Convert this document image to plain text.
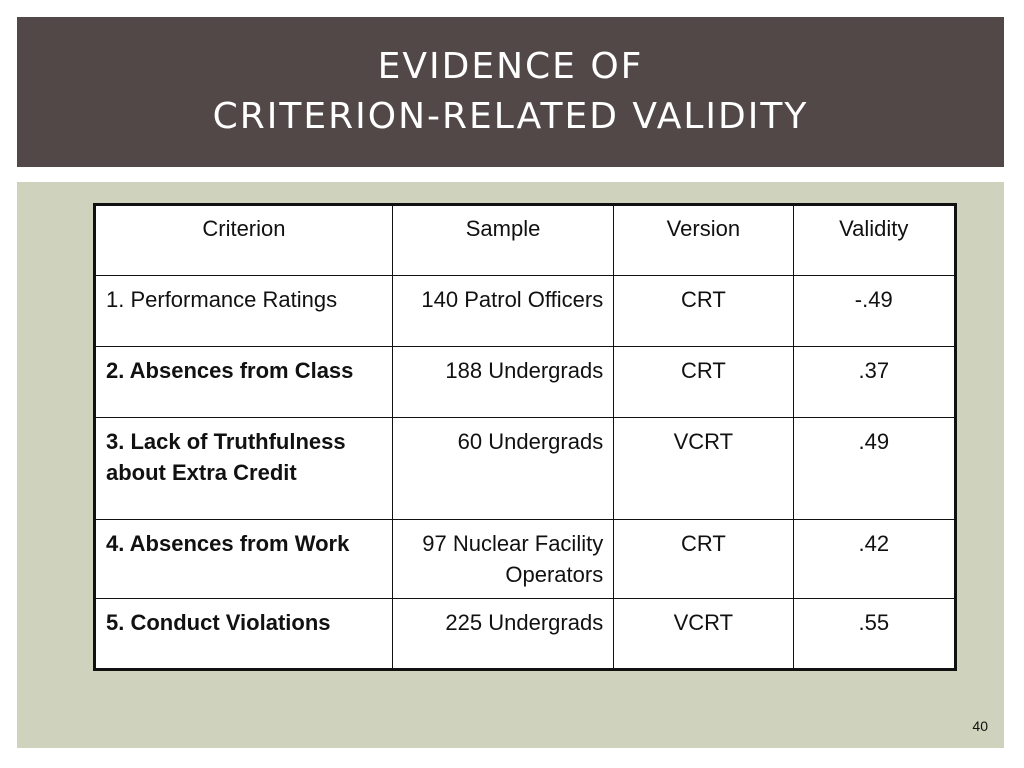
EVIDENCE OF
CRITERION-RELATED VALIDITY
Criterion	Sample	Version	Validity
1. Performance Ratings	140 Patrol Officers	CRT	-.49
2. Absences from Class	188 Undergrads	CRT	.37
3. Lack of Truthfulness about Extra Credit	60 Undergrads	VCRT	.49
4. Absences from Work	97 Nuclear Facility Operators	CRT	.42
5. Conduct Violations	225 Undergrads	VCRT	.55
40
